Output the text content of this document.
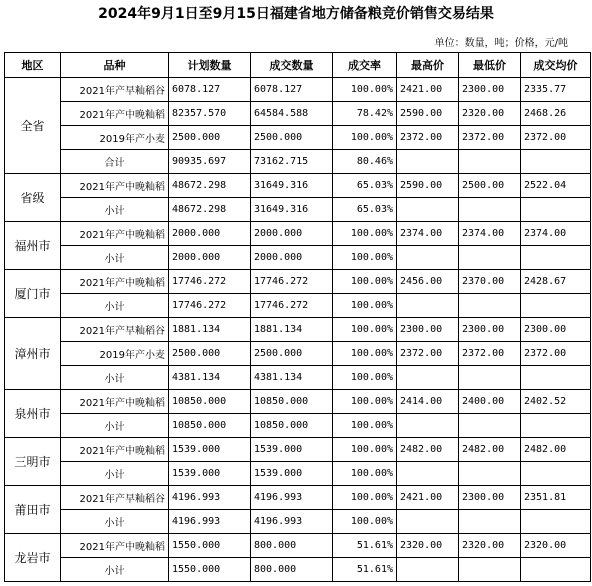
2024年9月1日至9月15日福建省地方储备粮竞价销售交易结果
单位：数量，吨；价格，元/吨
地区	品种	计划数量	成交数量	成交率	最高价	最低价	成交均价
全省	2021年产早籼稻谷	6078.127	6078.127	100.00%	2421.00	2300.00	2335.77
	2021年产中晚籼稻	82357.570	64584.588	78.42%	2590.00	2320.00	2468.26
	2019年产小麦	2500.000	2500.000	100.00%	2372.00	2372.00	2372.00
	合计	90935.697	73162.715	80.46%			
省级	2021年产中晚籼稻	48672.298	31649.316	65.03%	2590.00	2500.00	2522.04
	小计	48672.298	31649.316	65.03%			
福州市	2021年产中晚籼稻	2000.000	2000.000	100.00%	2374.00	2374.00	2374.00
	小计	2000.000	2000.000	100.00%			
厦门市	2021年产中晚籼稻	17746.272	17746.272	100.00%	2456.00	2370.00	2428.67
	小计	17746.272	17746.272	100.00%			
漳州市	2021年产早籼稻谷	1881.134	1881.134	100.00%	2300.00	2300.00	2300.00
	2019年产小麦	2500.000	2500.000	100.00%	2372.00	2372.00	2372.00
	小计	4381.134	4381.134	100.00%			
泉州市	2021年产中晚籼稻	10850.000	10850.000	100.00%	2414.00	2400.00	2402.52
	小计	10850.000	10850.000	100.00%			
三明市	2021年产中晚籼稻	1539.000	1539.000	100.00%	2482.00	2482.00	2482.00
	小计	1539.000	1539.000	100.00%			
莆田市	2021年产早籼稻谷	4196.993	4196.993	100.00%	2421.00	2300.00	2351.81
	小计	4196.993	4196.993	100.00%			
龙岩市	2021年产中晚籼稻	1550.000	800.000	51.61%	2320.00	2320.00	2320.00
	小计	1550.000	800.000	51.61%			
